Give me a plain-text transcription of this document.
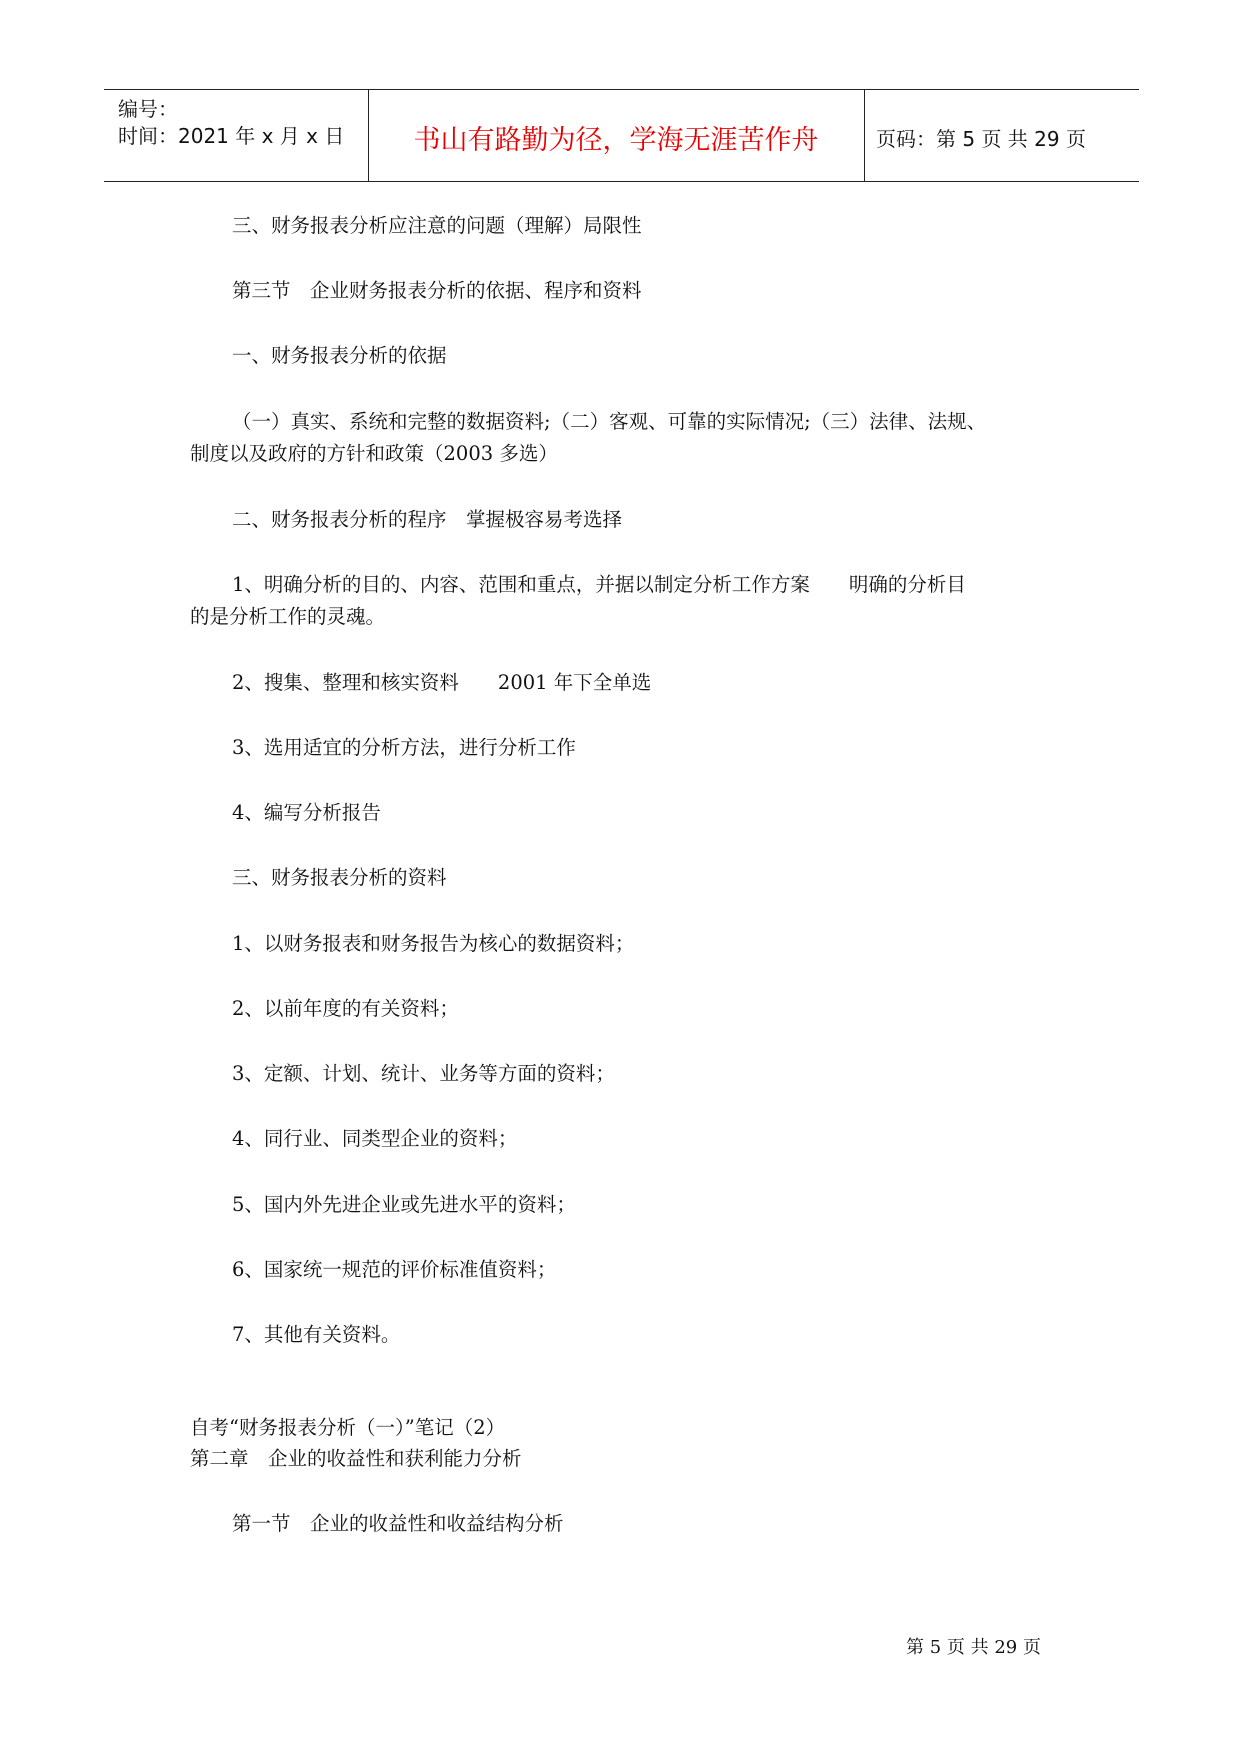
编号：
时间：2021 年 x 月 x 日	书山有路勤为径，学海无涯苦作舟	页码：第 5 页 共 29 页
三、财务报表分析应注意的问题（理解）局限性
第三节　企业财务报表分析的依据、程序和资料
一、财务报表分析的依据
（一）真实、系统和完整的数据资料;（二）客观、可靠的实际情况;（三）法律、法规、
制度以及政府的方针和政策（2003 多选）
二、财务报表分析的程序　掌握极容易考选择
1、明确分析的目的、内容、范围和重点，并据以制定分析工作方案　　明确的分析目
的是分析工作的灵魂。
2、搜集、整理和核实资料　　2001 年下全单选
3、选用适宜的分析方法，进行分析工作
4、编写分析报告
三、财务报表分析的资料
1、以财务报表和财务报告为核心的数据资料；
2、以前年度的有关资料；
3、定额、计划、统计、业务等方面的资料；
4、同行业、同类型企业的资料；
5、国内外先进企业或先进水平的资料；
6、国家统一规范的评价标准值资料；
7、其他有关资料。
自考“财务报表分析（一）”笔记（2）
第二章　企业的收益性和获利能力分析
第一节　企业的收益性和收益结构分析
第 5 页 共 29 页
